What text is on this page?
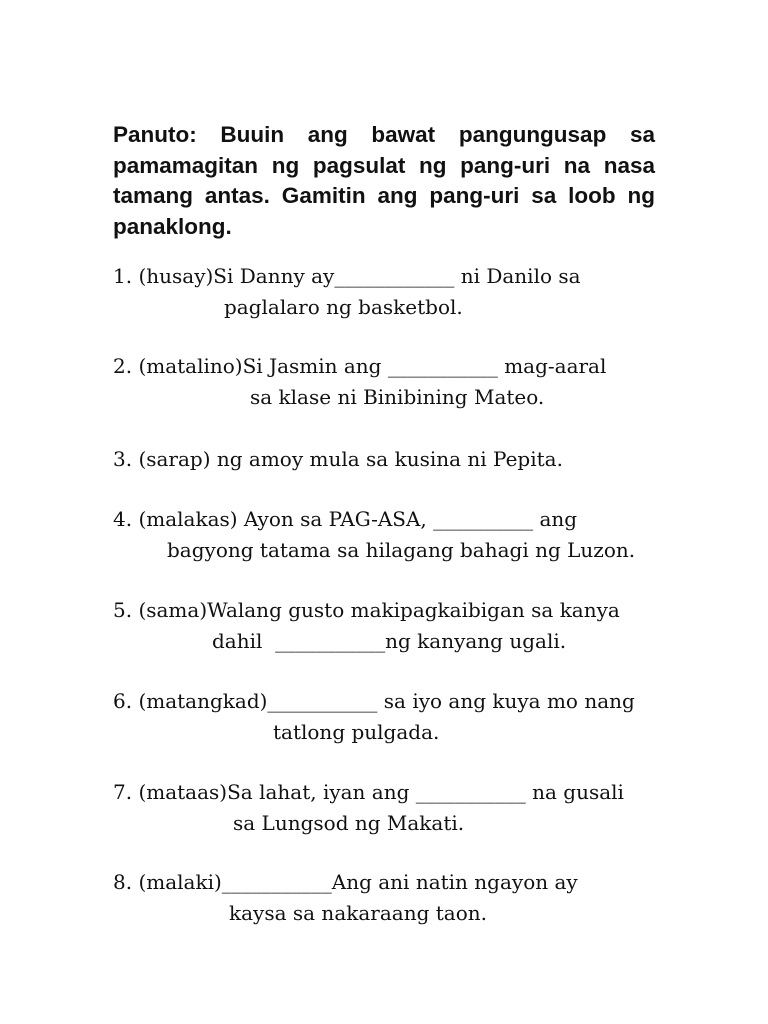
Panuto: Buuin ang bawat pangungusap sa pamamagitan ng pagsulat ng pang-uri na nasa tamang antas. Gamitin ang pang-uri sa loob ng panaklong.

1. (husay)Si Danny ay____________ ni Danilo sa
paglalaro ng basketbol.
2. (matalino)Si Jasmin ang ___________ mag-aaral
sa klase ni Binibining Mateo.
3. (sarap) ng amoy mula sa kusina ni Pepita.
4. (malakas) Ayon sa PAG-ASA, __________ ang
bagyong tatama sa hilagang bahagi ng Luzon.
5. (sama)Walang gusto makipagkaibigan sa kanya
dahil  ___________ng kanyang ugali.
6. (matangkad)___________ sa iyo ang kuya mo nang
tatlong pulgada.
7. (mataas)Sa lahat, iyan ang ___________ na gusali
sa Lungsod ng Makati.
8. (malaki)___________Ang ani natin ngayon ay
kaysa sa nakaraang taon.
